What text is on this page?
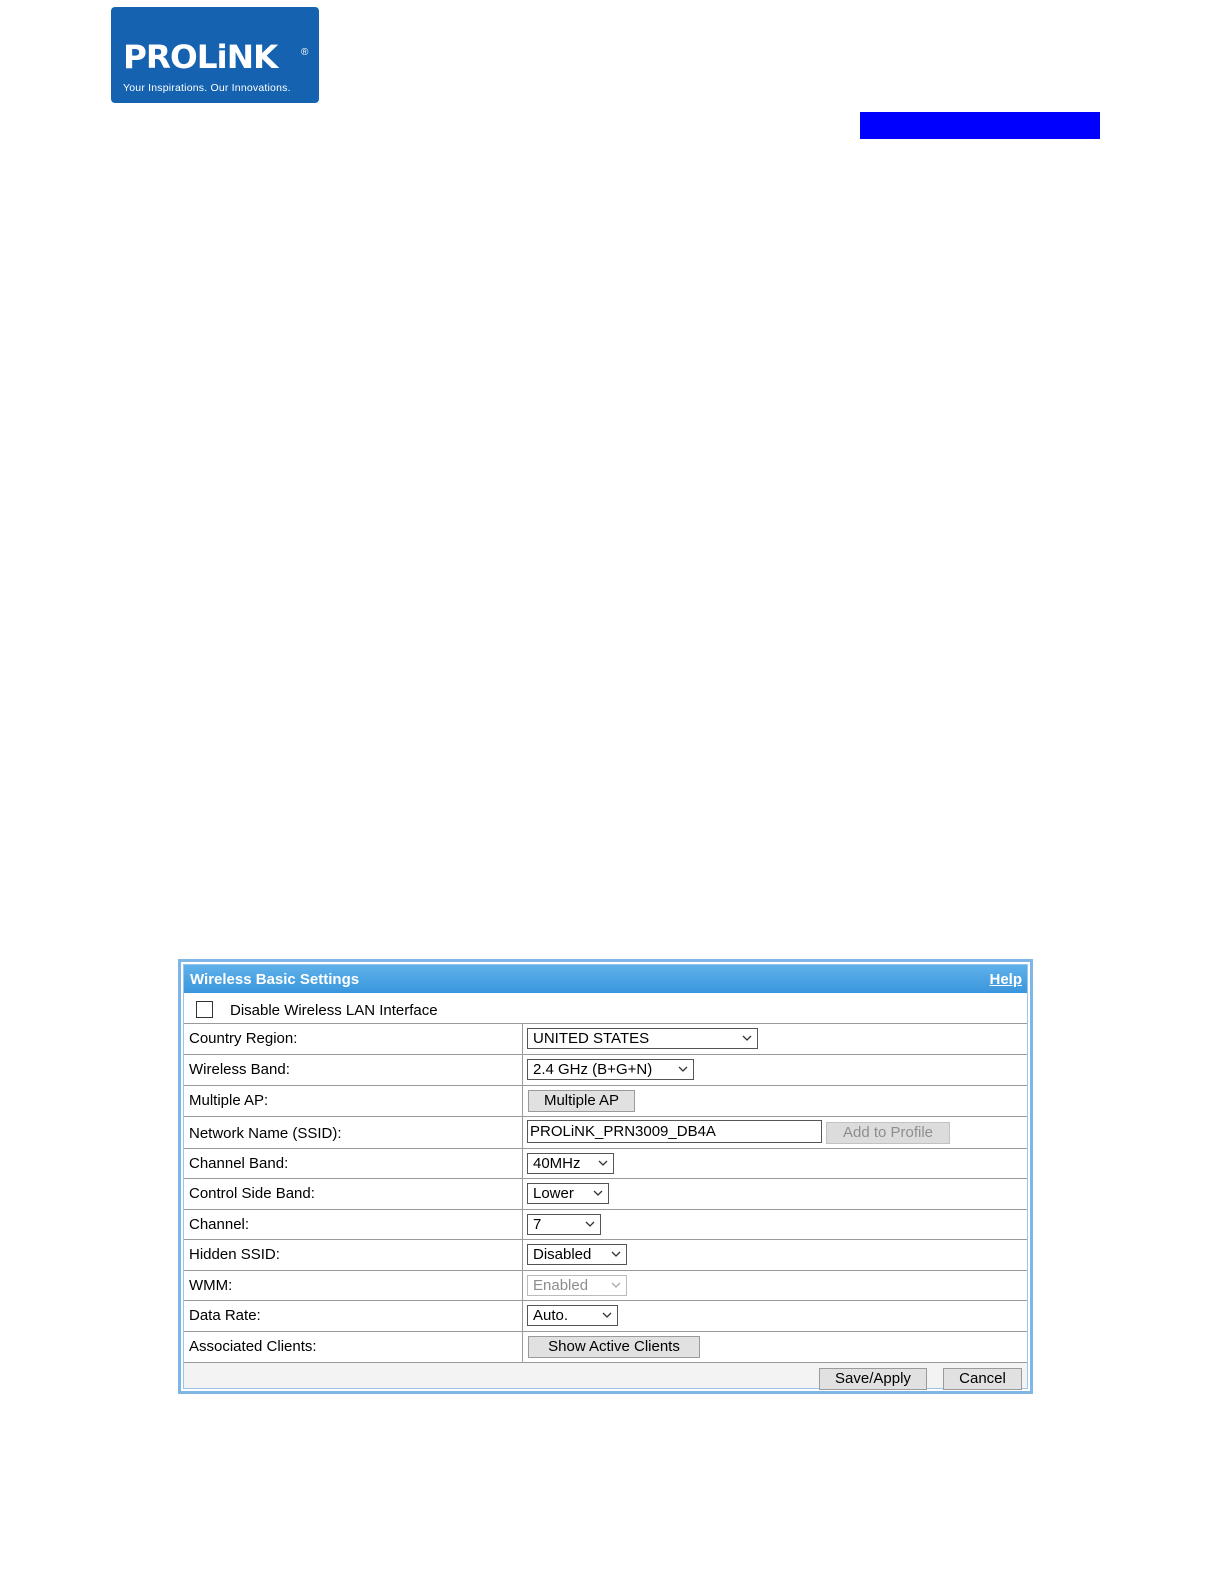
PROLiNK ®
Your Inspirations. Our Innovations.
Wireless Basic Settings	Help
Disable Wireless LAN Interface
Country Region:	UNITED STATES
Wireless Band:	2.4 GHz (B+G+N)
Multiple AP:	Multiple AP
Network Name (SSID):	PROLiNK_PRN3009_DB4A	Add to Profile
Channel Band:	40MHz
Control Side Band:	Lower
Channel:	7
Hidden SSID:	Disabled
WMM:	Enabled
Data Rate:	Auto.
Associated Clients:	Show Active Clients
Save/Apply	Cancel
